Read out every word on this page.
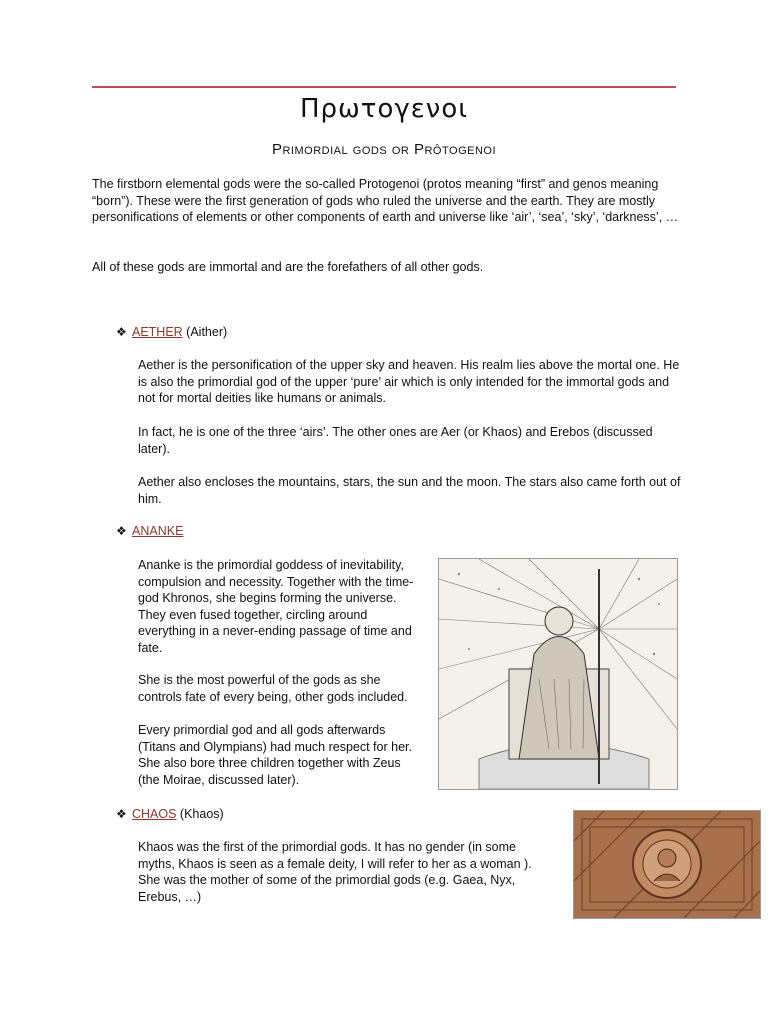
Πρωτογενοι
Primordial gods or Prôtogenoi

The firstborn elemental gods were the so-called Protogenoi (protos meaning “first” and genos meaning “born”). These were the first generation of gods who ruled the universe and the earth. They are mostly personifications of elements or other components of earth and universe like ‘air’, ‘sea’, ‘sky’, ‘darkness’, …

All of these gods are immortal and are the forefathers of all other gods.

❖ AETHER (Aither)

Aether is the personification of the upper sky and heaven. His realm lies above the mortal one. He is also the primordial god of the upper ‘pure’ air which is only intended for the immortal gods and not for mortal deities like humans or animals.

In fact, he is one of the three ‘airs’. The other ones are Aer (or Khaos) and Erebos (discussed later).

Aether also encloses the mountains, stars, the sun and the moon. The stars also came forth out of him.

❖ ANANKE

Ananke is the primordial goddess of inevitability, compulsion and necessity. Together with the time-god Khronos, she begins forming the universe. They even fused together, circling around everything in a never-ending passage of time and fate.

She is the most powerful of the gods as she controls fate of every being, other gods included.

Every primordial god and all gods afterwards (Titans and Olympians) had much respect for her. She also bore three children together with Zeus (the Moirae, discussed later).

❖ CHAOS (Khaos)

Khaos was the first of the primordial gods. It has no gender (in some myths, Khaos is seen as a female deity, I will refer to her as a woman ). She was the mother of some of the primordial gods (e.g. Gaea, Nyx, Erebus, …)
